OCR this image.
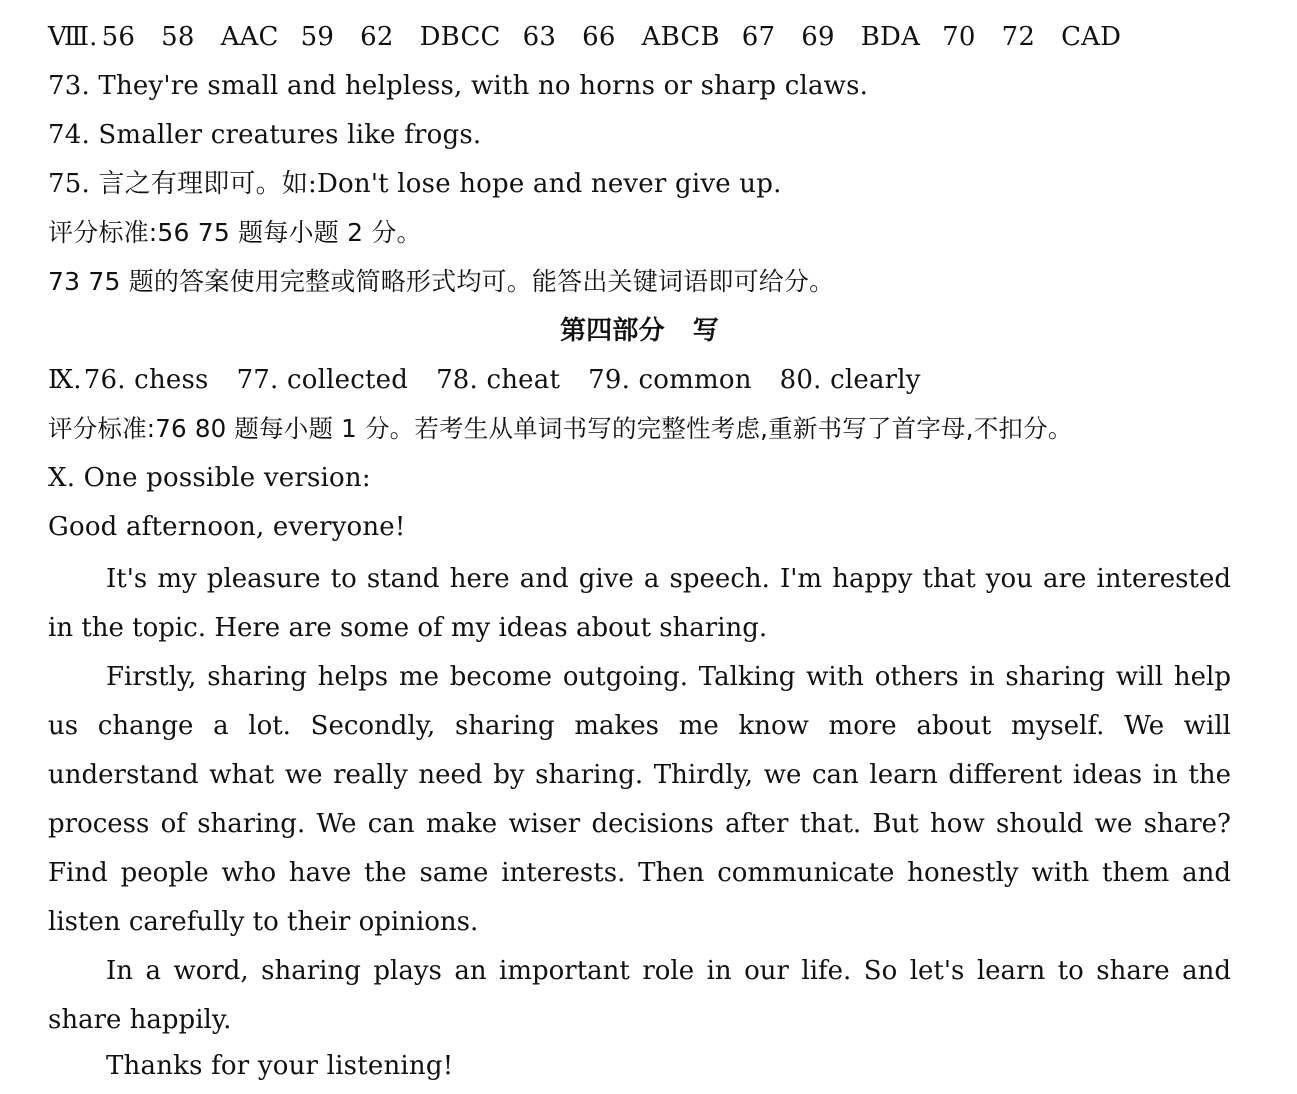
Ⅷ. 56 58 AAC 59 62 DBCC 63 66 ABCB 67 69 BDA 70 72 CAD
73. They're small and helpless, with no horns or sharp claws.
74. Smaller creatures like frogs.
75. 言之有理即可。如:Don't lose hope and never give up.
评分标准:56 75 题每小题 2 分。
73 75 题的答案使用完整或简略形式均可。能答出关键词语即可给分。
第四部分 写
Ⅸ.76. chess 77. collected 78. cheat 79. common 80. clearly
评分标准:76 80 题每小题 1 分。若考生从单词书写的完整性考虑,重新书写了首字母,不扣分。
Ⅹ. One possible version:
Good afternoon, everyone!
It's my pleasure to stand here and give a speech. I'm happy that you are interested in the topic. Here are some of my ideas about sharing.
Firstly, sharing helps me become outgoing. Talking with others in sharing will help us change a lot. Secondly, sharing makes me know more about myself. We will understand what we really need by sharing. Thirdly, we can learn different ideas in the process of sharing. We can make wiser decisions after that. But how should we share? Find people who have the same interests. Then communicate honestly with them and listen carefully to their opinions.
In a word, sharing plays an important role in our life. So let's learn to share and share happily.
Thanks for your listening!
